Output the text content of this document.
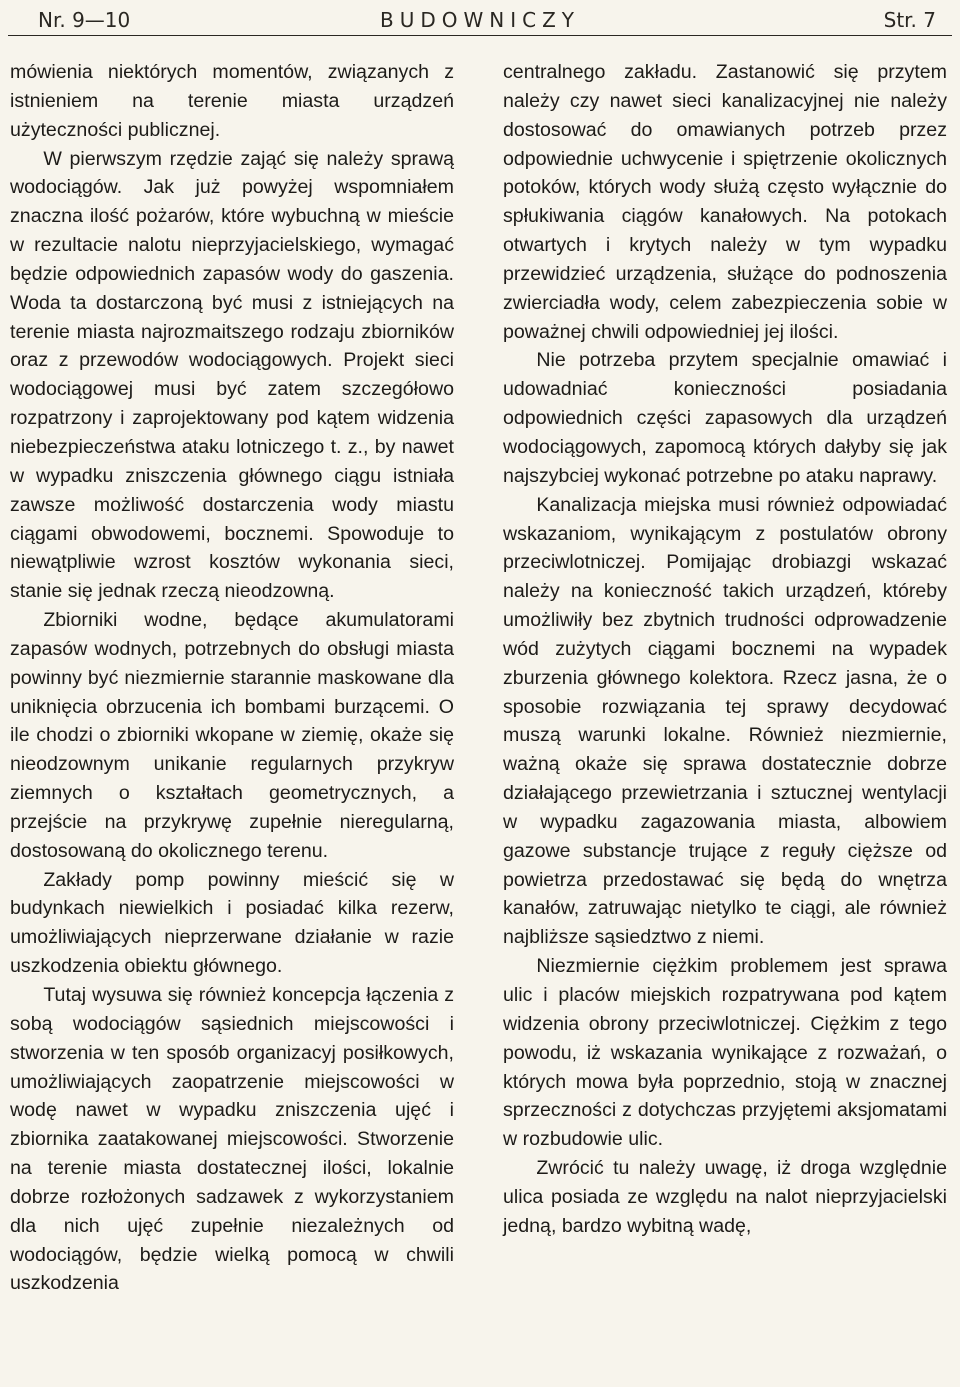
Nr. 9—10	BUDOWNICZY	Str. 7

mówienia niektórych momentów, związanych z istnieniem na terenie miasta urządzeń użyteczności publicznej.

W pierwszym rzędzie zająć się należy sprawą wodociągów. Jak już powyżej wspomniałem znaczna ilość pożarów, które wybuchną w mieście w rezultacie nalotu nieprzyjacielskiego, wymagać będzie odpowiednich zapasów wody do gaszenia. Woda ta dostarczoną być musi z istniejących na terenie miasta najrozmaitszego rodzaju zbiorników oraz z przewodów wodociągowych. Projekt sieci wodociągowej musi być zatem szczegółowo rozpatrzony i zaprojektowany pod kątem widzenia niebezpieczeństwa ataku lotniczego t. z., by nawet w wypadku zniszczenia głównego ciągu istniała zawsze możliwość dostarczenia wody miastu ciągami obwodowemi, bocznemi. Spowoduje to niewątpliwie wzrost kosztów wykonania sieci, stanie się jednak rzeczą nieodzowną.

Zbiorniki wodne, będące akumulatorami zapasów wodnych, potrzebnych do obsługi miasta powinny być niezmiernie starannie maskowane dla uniknięcia obrzucenia ich bombami burzącemi. O ile chodzi o zbiorniki wkopane w ziemię, okaże się nieodzownym unikanie regularnych przykryw ziemnych o kształtach geometrycznych, a przejście na przykrywę zupełnie nieregularną, dostosowaną do okolicznego terenu.

Zakłady pomp powinny mieścić się w budynkach niewielkich i posiadać kilka rezerw, umożliwiających nieprzerwane działanie w razie uszkodzenia obiektu głównego.

Tutaj wysuwa się również koncepcja łączenia z sobą wodociągów sąsiednich miejscowości i stworzenia w ten sposób organizacyj posiłkowych, umożliwiających zaopatrzenie miejscowości w wodę nawet w wypadku zniszczenia ujęć i zbiornika zaatakowanej miejscowości. Stworzenie na terenie miasta dostatecznej ilości, lokalnie dobrze rozłożonych sadzawek z wykorzystaniem dla nich ujęć zupełnie niezależnych od wodociągów, będzie wielką pomocą w chwili uszkodzenia

centralnego zakładu. Zastanowić się przytem należy czy nawet sieci kanalizacyjnej nie należy dostosować do omawianych potrzeb przez odpowiednie uchwycenie i spiętrzenie okolicznych potoków, których wody służą często wyłącznie do spłukiwania ciągów kanałowych. Na potokach otwartych i krytych należy w tym wypadku przewidzieć urządzenia, służące do podnoszenia zwierciadła wody, celem zabezpieczenia sobie w poważnej chwili odpowiedniej jej ilości.

Nie potrzeba przytem specjalnie omawiać i udowadniać konieczności posiadania odpowiednich części zapasowych dla urządzeń wodociągowych, zapomocą których dałyby się jak najszybciej wykonać potrzebne po ataku naprawy.

Kanalizacja miejska musi również odpowiadać wskazaniom, wynikającym z postulatów obrony przeciwlotniczej. Pomijając drobiazgi wskazać należy na konieczność takich urządzeń, któreby umożliwiły bez zbytnich trudności odprowadzenie wód zużytych ciągami bocznemi na wypadek zburzenia głównego kolektora. Rzecz jasna, że o sposobie rozwiązania tej sprawy decydować muszą warunki lokalne. Również niezmiernie, ważną okaże się sprawa dostatecznie dobrze działającego przewietrzania i sztucznej wentylacji w wypadku zagazowania miasta, albowiem gazowe substancje trujące z reguły cięższe od powietrza przedostawać się będą do wnętrza kanałów, zatruwając nietylko te ciągi, ale również najbliższe sąsiedztwo z niemi.

Niezmiernie ciężkim problemem jest sprawa ulic i placów miejskich rozpatrywana pod kątem widzenia obrony przeciwlotniczej. Ciężkim z tego powodu, iż wskazania wynikające z rozważań, o których mowa była poprzednio, stoją w znacznej sprzeczności z dotychczas przyjętemi aksjomatami w rozbudowie ulic.

Zwrócić tu należy uwagę, iż droga względnie ulica posiada ze względu na nalot nieprzyjacielski jedną, bardzo wybitną wadę,
